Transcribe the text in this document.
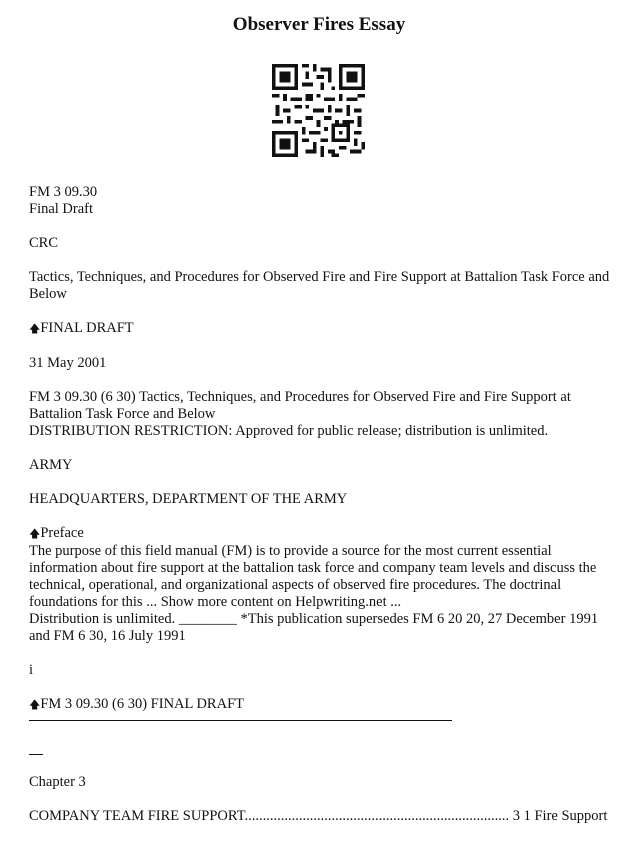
Observer Fires Essay

FM 3 09.30
Final Draft

CRC

Tactics, Techniques, and Procedures for Observed Fire and Fire Support at Battalion Task Force and Below

🡅FINAL DRAFT

31 May 2001

FM 3 09.30 (6 30) Tactics, Techniques, and Procedures for Observed Fire and Fire Support at
Battalion Task Force and Below
DISTRIBUTION RESTRICTION: Approved for public release; distribution is unlimited.

ARMY

HEADQUARTERS, DEPARTMENT OF THE ARMY

🡅Preface
The purpose of this field manual (FM) is to provide a source for the most current essential information about fire support at the battalion task force and company team levels and discuss the technical, operational, and organizational aspects of observed fire procedures. The doctrinal foundations for this ... Show more content on Helpwriting.net ...
Distribution is unlimited. ________ *This publication supersedes FM 6 20 20, 27 December 1991 and FM 6 30, 16 July 1991

i

🡅FM 3 09.30 (6 30) FINAL DRAFT

Chapter 3

COMPANY TEAM FIRE SUPPORT......................................................................... 3 1 Fire Support
